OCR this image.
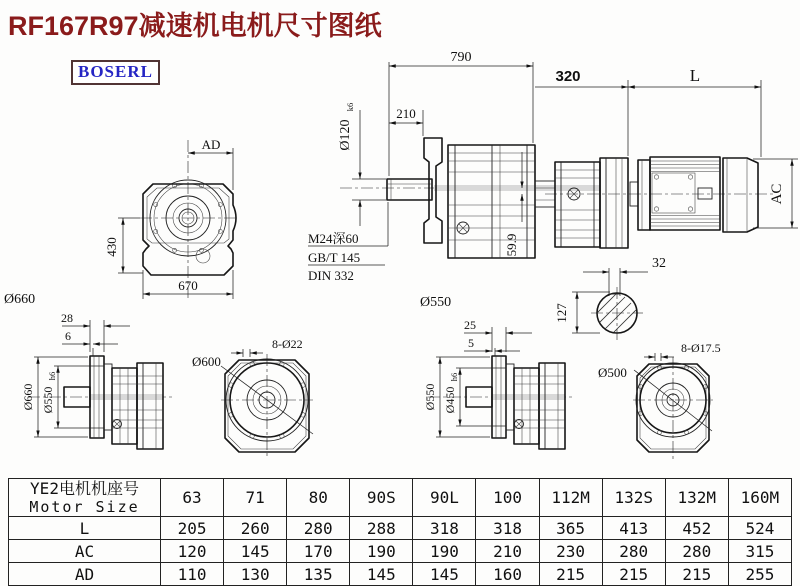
RF167R97减速机电机尺寸图纸
BOSERL
AD
430
670
Ø660
790
210
320	L
Ø120
k6
M24深60
GB/T 145
DIN 332
59.9
Ø550
AC
32
127
28
6
Ø660 Ø550
h6
Ø600
8-Ø22
25
5
Ø550 Ø450
h6	Ø500
8-Ø17.5
YE2电机机座号
Motor Size	63	71	80	90S	90L	100	112M	132S	132M	160M
L	205	260	280	288	318	318	365	413	452	524
AC	120	145	170	190	190	210	230	280	280	315
AD	110	130	135	145	145	160	215	215	215	255
